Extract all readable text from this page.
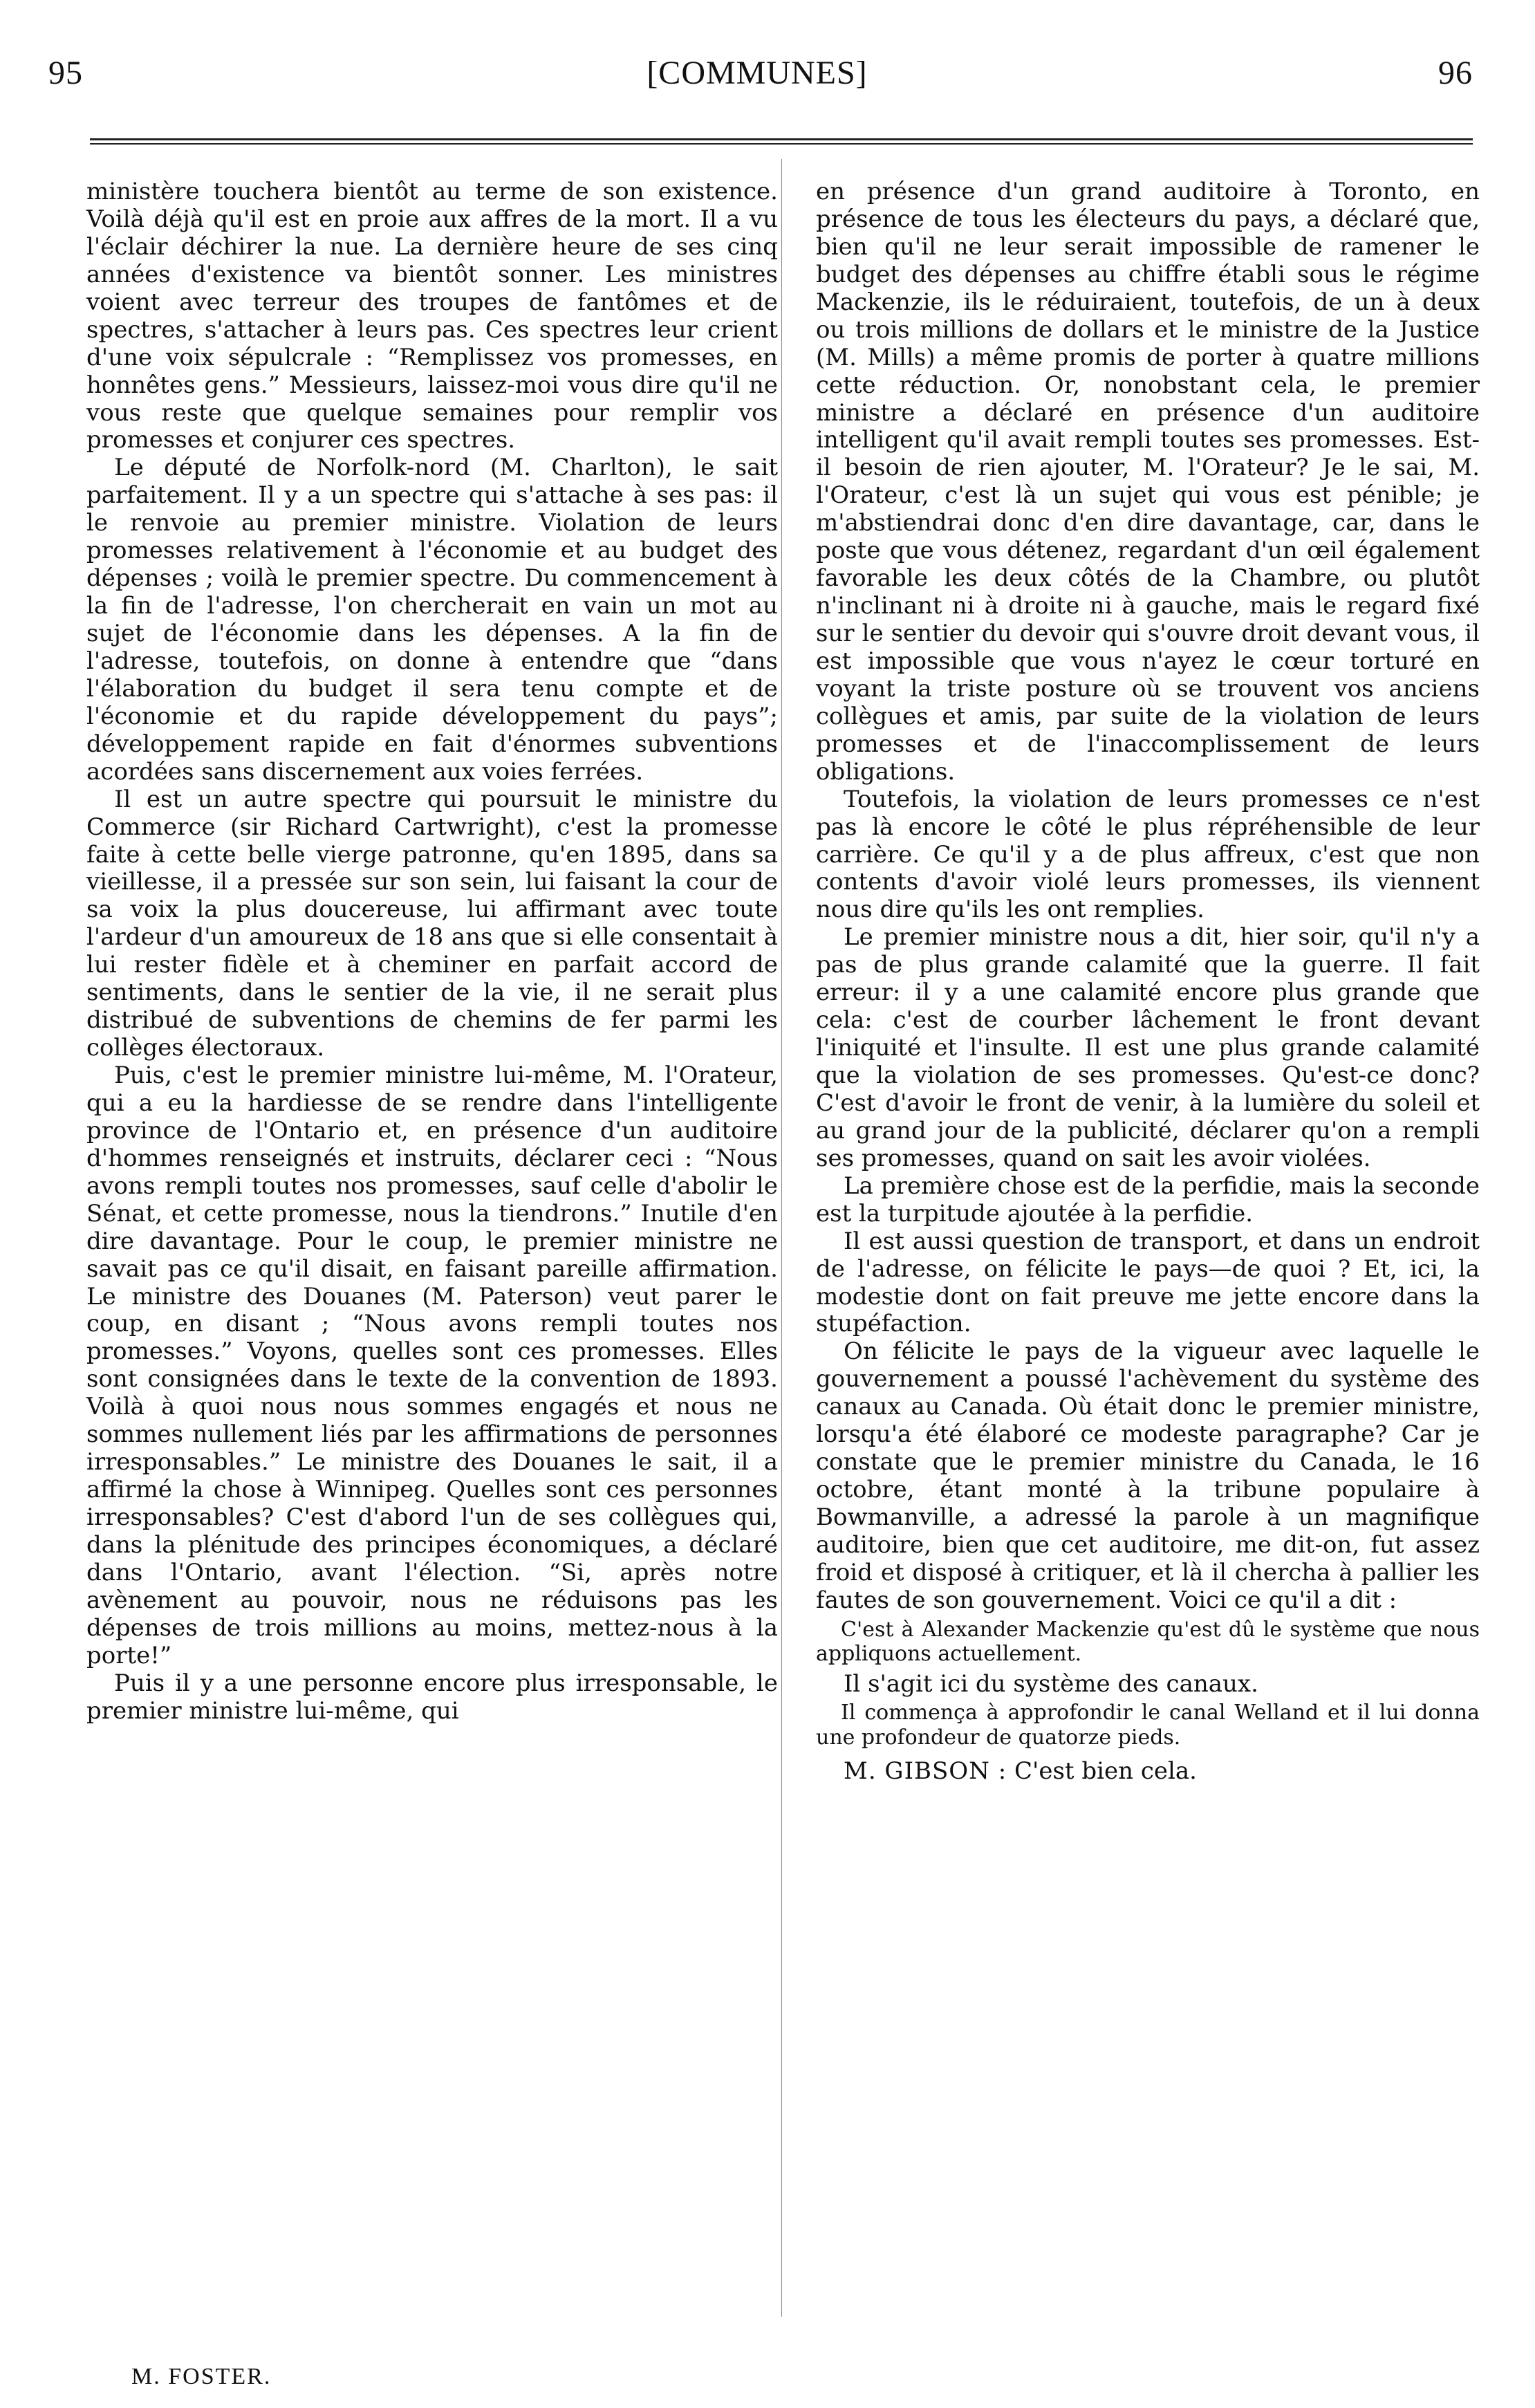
95	[COMMUNES]	96

ministère touchera bientôt au terme de son existence. Voilà déjà qu'il est en proie aux affres de la mort. Il a vu l'éclair déchirer la nue. La dernière heure de ses cinq années d'existence va bientôt sonner. Les ministres voient avec terreur des troupes de fantômes et de spectres, s'attacher à leurs pas. Ces spectres leur crient d'une voix sépulcrale : “Remplissez vos promesses, en honnêtes gens.” Messieurs, laissez-moi vous dire qu'il ne vous reste que quelque semaines pour remplir vos promesses et conjurer ces spectres.

Le député de Norfolk-nord (M. Charlton), le sait parfaitement. Il y a un spectre qui s'attache à ses pas: il le renvoie au premier ministre. Violation de leurs promesses relativement à l'économie et au budget des dépenses ; voilà le premier spectre. Du commencement à la fin de l'adresse, l'on chercherait en vain un mot au sujet de l'économie dans les dépenses. A la fin de l'adresse, toutefois, on donne à entendre que “dans l'élaboration du budget il sera tenu compte et de l'économie et du rapide développement du pays”; développement rapide en fait d'énormes subventions acordées sans discernement aux voies ferrées.

Il est un autre spectre qui poursuit le ministre du Commerce (sir Richard Cartwright), c'est la promesse faite à cette belle vierge patronne, qu'en 1895, dans sa vieillesse, il a pressée sur son sein, lui faisant la cour de sa voix la plus doucereuse, lui affirmant avec toute l'ardeur d'un amoureux de 18 ans que si elle consentait à lui rester fidèle et à cheminer en parfait accord de sentiments, dans le sentier de la vie, il ne serait plus distribué de subventions de chemins de fer parmi les collèges électoraux.

Puis, c'est le premier ministre lui-même, M. l'Orateur, qui a eu la hardiesse de se rendre dans l'intelligente province de l'Ontario et, en présence d'un auditoire d'hommes renseignés et instruits, déclarer ceci : “Nous avons rempli toutes nos promesses, sauf celle d'abolir le Sénat, et cette promesse, nous la tiendrons.” Inutile d'en dire davantage. Pour le coup, le premier ministre ne savait pas ce qu'il disait, en faisant pareille affirmation. Le ministre des Douanes (M. Paterson) veut parer le coup, en disant ; “Nous avons rempli toutes nos promesses.” Voyons, quelles sont ces promesses. Elles sont consignées dans le texte de la convention de 1893. Voilà à quoi nous nous sommes engagés et nous ne sommes nullement liés par les affirmations de personnes irresponsables.” Le ministre des Douanes le sait, il a affirmé la chose à Winnipeg. Quelles sont ces personnes irresponsables? C'est d'abord l'un de ses collègues qui, dans la plénitude des principes économiques, a déclaré dans l'Ontario, avant l'élection. “Si, après notre avènement au pouvoir, nous ne réduisons pas les dépenses de trois millions au moins, mettez-nous à la porte!”

Puis il y a une personne encore plus irresponsable, le premier ministre lui-même, qui

en présence d'un grand auditoire à Toronto, en présence de tous les électeurs du pays, a déclaré que, bien qu'il ne leur serait impossible de ramener le budget des dépenses au chiffre établi sous le régime Mackenzie, ils le réduiraient, toutefois, de un à deux ou trois millions de dollars et le ministre de la Justice (M. Mills) a même promis de porter à quatre millions cette réduction. Or, nonobstant cela, le premier ministre a déclaré en présence d'un auditoire intelligent qu'il avait rempli toutes ses promesses. Est-il besoin de rien ajouter, M. l'Orateur? Je le sai, M. l'Orateur, c'est là un sujet qui vous est pénible; je m'abstiendrai donc d'en dire davantage, car, dans le poste que vous détenez, regardant d'un œil également favorable les deux côtés de la Chambre, ou plutôt n'inclinant ni à droite ni à gauche, mais le regard fixé sur le sentier du devoir qui s'ouvre droit devant vous, il est impossible que vous n'ayez le cœur torturé en voyant la triste posture où se trouvent vos anciens collègues et amis, par suite de la violation de leurs promesses et de l'inaccomplissement de leurs obligations.

Toutefois, la violation de leurs promesses ce n'est pas là encore le côté le plus répréhensible de leur carrière. Ce qu'il y a de plus affreux, c'est que non contents d'avoir violé leurs promesses, ils viennent nous dire qu'ils les ont remplies.

Le premier ministre nous a dit, hier soir, qu'il n'y a pas de plus grande calamité que la guerre. Il fait erreur: il y a une calamité encore plus grande que cela: c'est de courber lâchement le front devant l'iniquité et l'insulte. Il est une plus grande calamité que la violation de ses promesses. Qu'est-ce donc? C'est d'avoir le front de venir, à la lumière du soleil et au grand jour de la publicité, déclarer qu'on a rempli ses promesses, quand on sait les avoir violées.

La première chose est de la perfidie, mais la seconde est la turpitude ajoutée à la perfidie.

Il est aussi question de transport, et dans un endroit de l'adresse, on félicite le pays—de quoi ? Et, ici, la modestie dont on fait preuve me jette encore dans la stupéfaction.

On félicite le pays de la vigueur avec laquelle le gouvernement a poussé l'achèvement du système des canaux au Canada. Où était donc le premier ministre, lorsqu'a été élaboré ce modeste paragraphe? Car je constate que le premier ministre du Canada, le 16 octobre, étant monté à la tribune populaire à Bowmanville, a adressé la parole à un magnifique auditoire, bien que cet auditoire, me dit-on, fut assez froid et disposé à critiquer, et là il chercha à pallier les fautes de son gouvernement. Voici ce qu'il a dit :

C'est à Alexander Mackenzie qu'est dû le système que nous appliquons actuellement.

Il s'agit ici du système des canaux.

Il commença à approfondir le canal Welland et il lui donna une profondeur de quatorze pieds.

M. GIBSON : C'est bien cela.

M. FOSTER.
